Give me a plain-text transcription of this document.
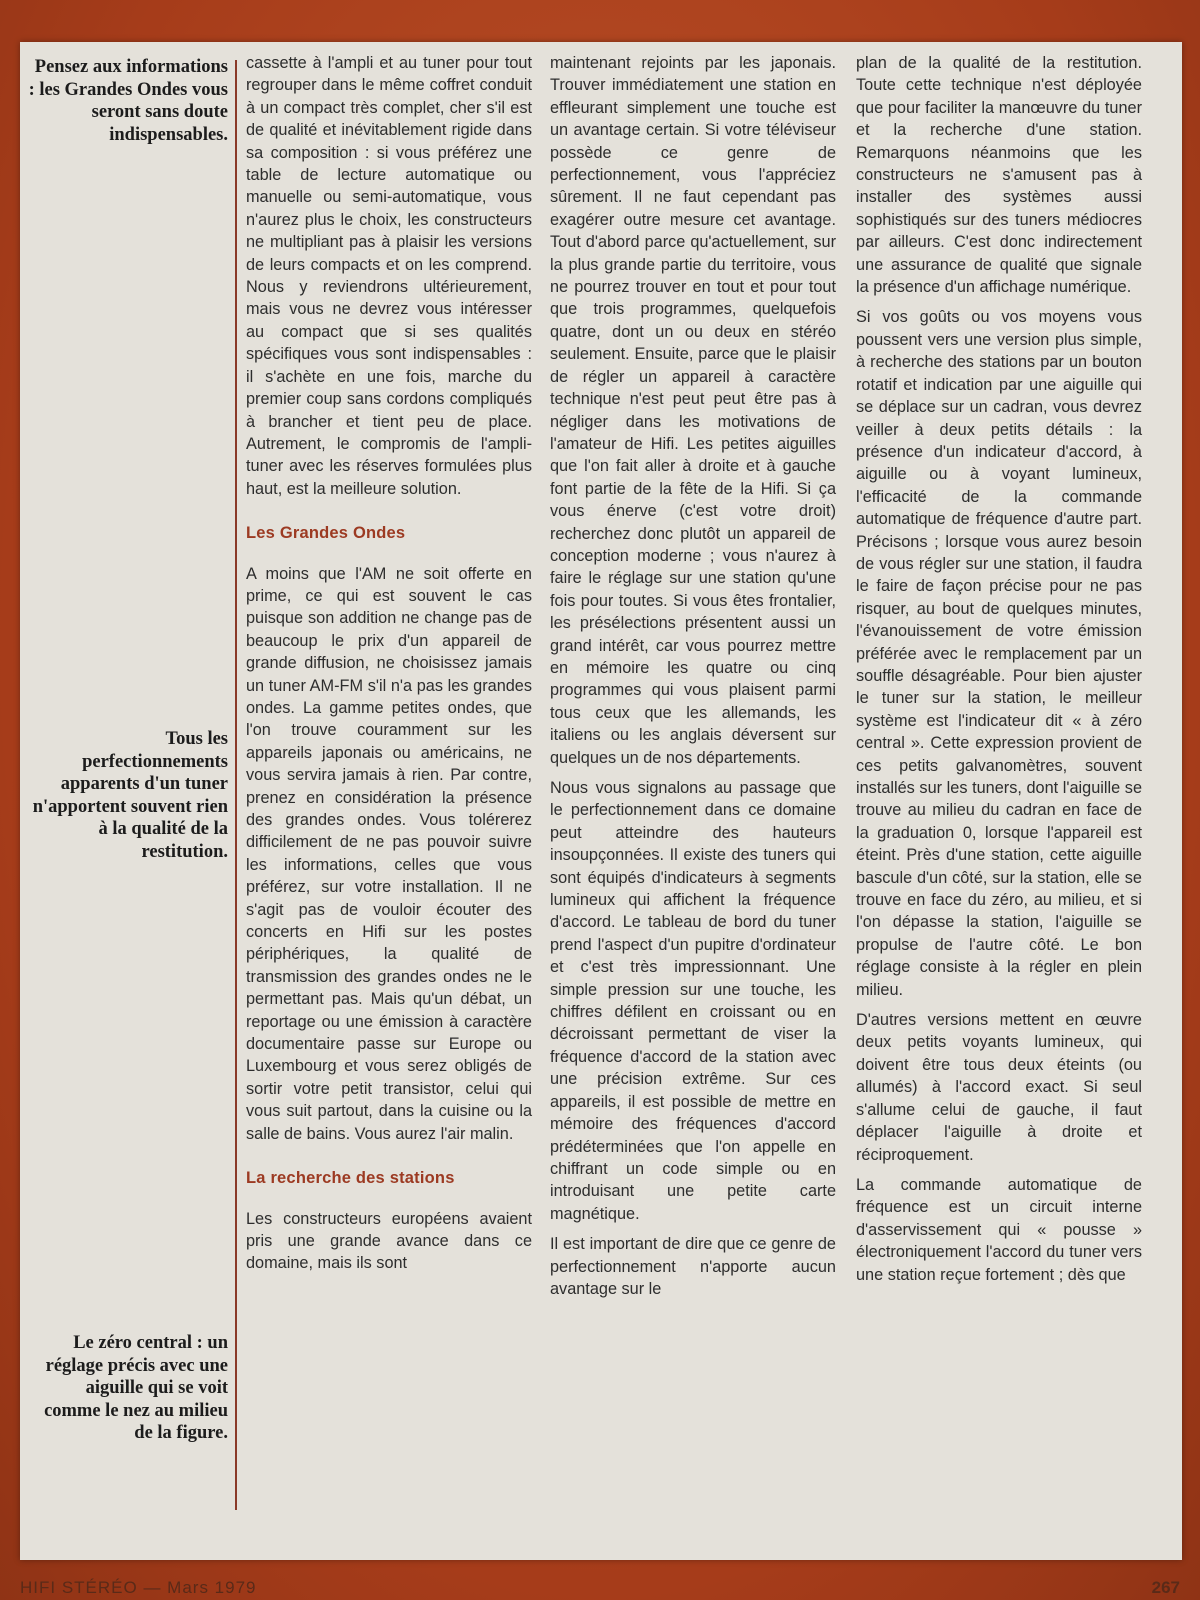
Pensez aux informations : les Grandes Ondes vous seront sans doute indispensables.
Tous les perfectionnements apparents d'un tuner n'apportent souvent rien à la qualité de la restitution.
Le zéro central : un réglage précis avec une aiguille qui se voit comme le nez au milieu de la figure.

cassette à l'ampli et au tuner pour tout regrouper dans le même coffret conduit à un compact très complet, cher s'il est de qualité et inévitablement rigide dans sa composition : si vous préférez une table de lecture automatique ou manuelle ou semi-automatique, vous n'aurez plus le choix, les constructeurs ne multipliant pas à plaisir les versions de leurs compacts et on les comprend. Nous y reviendrons ultérieurement, mais vous ne devrez vous intéresser au compact que si ses qualités spécifiques vous sont indispensables : il s'achète en une fois, marche du premier coup sans cordons compliqués à brancher et tient peu de place. Autrement, le compromis de l'ampli-tuner avec les réserves formulées plus haut, est la meilleure solution.

Les Grandes Ondes

A moins que l'AM ne soit offerte en prime, ce qui est souvent le cas puisque son addition ne change pas de beaucoup le prix d'un appareil de grande diffusion, ne choisissez jamais un tuner AM-FM s'il n'a pas les grandes ondes. La gamme petites ondes, que l'on trouve couramment sur les appareils japonais ou américains, ne vous servira jamais à rien. Par contre, prenez en considération la présence des grandes ondes. Vous tolérerez difficilement de ne pas pouvoir suivre les informations, celles que vous préférez, sur votre installation. Il ne s'agit pas de vouloir écouter des concerts en Hifi sur les postes périphériques, la qualité de transmission des grandes ondes ne le permettant pas. Mais qu'un débat, un reportage ou une émission à caractère documentaire passe sur Europe ou Luxembourg et vous serez obligés de sortir votre petit transistor, celui qui vous suit partout, dans la cuisine ou la salle de bains. Vous aurez l'air malin.

La recherche des stations

Les constructeurs européens avaient pris une grande avance dans ce domaine, mais ils sont

maintenant rejoints par les japonais. Trouver immédiatement une station en effleurant simplement une touche est un avantage certain. Si votre téléviseur possède ce genre de perfectionnement, vous l'appréciez sûrement. Il ne faut cependant pas exagérer outre mesure cet avantage. Tout d'abord parce qu'actuellement, sur la plus grande partie du territoire, vous ne pourrez trouver en tout et pour tout que trois programmes, quelquefois quatre, dont un ou deux en stéréo seulement. Ensuite, parce que le plaisir de régler un appareil à caractère technique n'est peut peut être pas à négliger dans les motivations de l'amateur de Hifi. Les petites aiguilles que l'on fait aller à droite et à gauche font partie de la fête de la Hifi. Si ça vous énerve (c'est votre droit) recherchez donc plutôt un appareil de conception moderne ; vous n'aurez à faire le réglage sur une station qu'une fois pour toutes. Si vous êtes frontalier, les présélections présentent aussi un grand intérêt, car vous pourrez mettre en mémoire les quatre ou cinq programmes qui vous plaisent parmi tous ceux que les allemands, les italiens ou les anglais déversent sur quelques un de nos départements.

Nous vous signalons au passage que le perfectionnement dans ce domaine peut atteindre des hauteurs insoupçonnées. Il existe des tuners qui sont équipés d'indicateurs à segments lumineux qui affichent la fréquence d'accord. Le tableau de bord du tuner prend l'aspect d'un pupitre d'ordinateur et c'est très impressionnant. Une simple pression sur une touche, les chiffres défilent en croissant ou en décroissant permettant de viser la fréquence d'accord de la station avec une précision extrême. Sur ces appareils, il est possible de mettre en mémoire des fréquences d'accord prédéterminées que l'on appelle en chiffrant un code simple ou en introduisant une petite carte magnétique.

Il est important de dire que ce genre de perfectionnement n'apporte aucun avantage sur le

plan de la qualité de la restitution. Toute cette technique n'est déployée que pour faciliter la manœuvre du tuner et la recherche d'une station. Remarquons néanmoins que les constructeurs ne s'amusent pas à installer des systèmes aussi sophistiqués sur des tuners médiocres par ailleurs. C'est donc indirectement une assurance de qualité que signale la présence d'un affichage numérique.

Si vos goûts ou vos moyens vous poussent vers une version plus simple, à recherche des stations par un bouton rotatif et indication par une aiguille qui se déplace sur un cadran, vous devrez veiller à deux petits détails : la présence d'un indicateur d'accord, à aiguille ou à voyant lumineux, l'efficacité de la commande automatique de fréquence d'autre part. Précisons ; lorsque vous aurez besoin de vous régler sur une station, il faudra le faire de façon précise pour ne pas risquer, au bout de quelques minutes, l'évanouissement de votre émission préférée avec le remplacement par un souffle désagréable. Pour bien ajuster le tuner sur la station, le meilleur système est l'indicateur dit « à zéro central ». Cette expression provient de ces petits galvanomètres, souvent installés sur les tuners, dont l'aiguille se trouve au milieu du cadran en face de la graduation 0, lorsque l'appareil est éteint. Près d'une station, cette aiguille bascule d'un côté, sur la station, elle se trouve en face du zéro, au milieu, et si l'on dépasse la station, l'aiguille se propulse de l'autre côté. Le bon réglage consiste à la régler en plein milieu.

D'autres versions mettent en œuvre deux petits voyants lumineux, qui doivent être tous deux éteints (ou allumés) à l'accord exact. Si seul s'allume celui de gauche, il faut déplacer l'aiguille à droite et réciproquement.

La commande automatique de fréquence est un circuit interne d'asservissement qui « pousse » électroniquement l'accord du tuner vers une station reçue fortement ; dès que

HIFI STÉRÉO — Mars 1979	267
